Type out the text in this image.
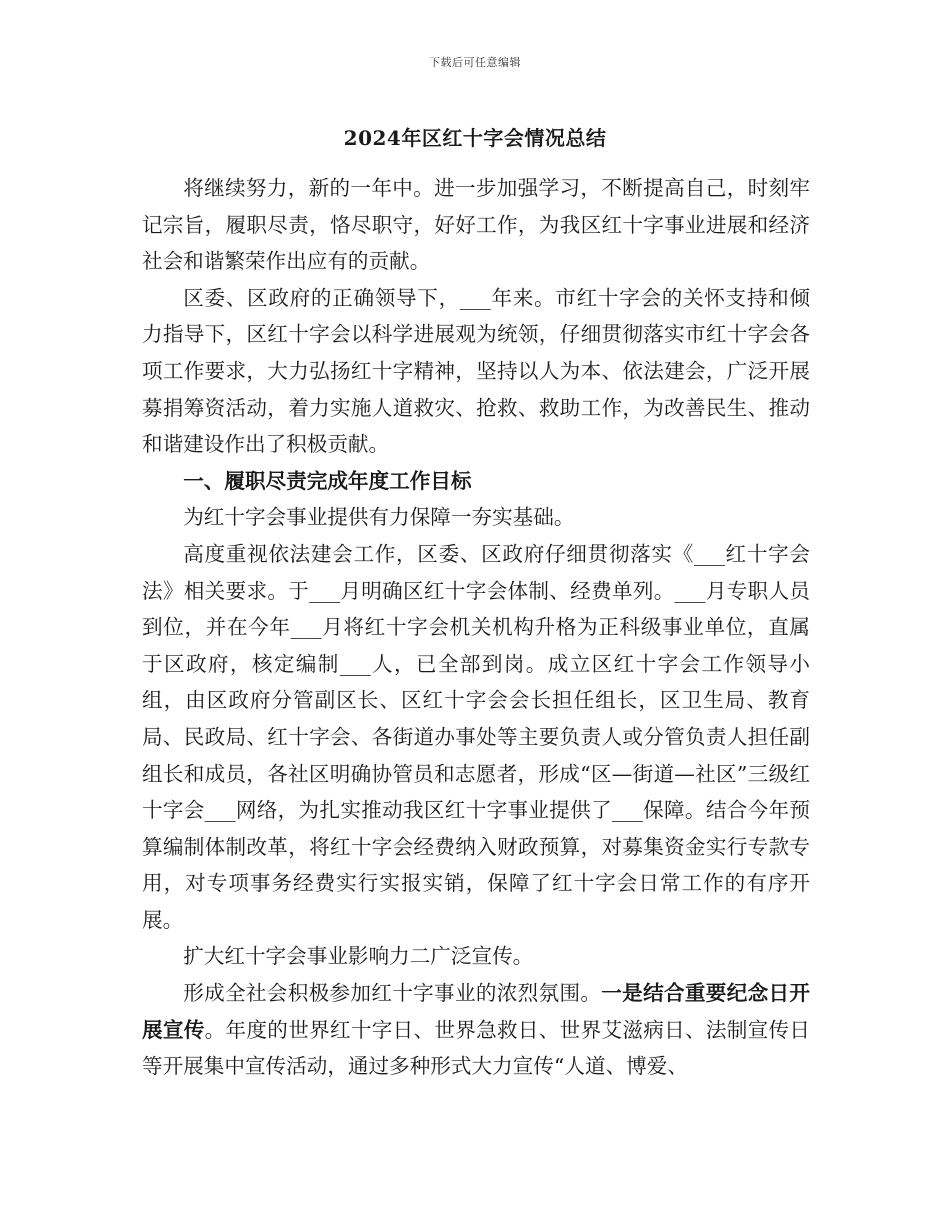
下载后可任意编辑
2024年区红十字会情况总结

将继续努力，新的一年中。进一步加强学习，不断提高自己，时刻牢记宗旨，履职尽责，恪尽职守，好好工作，为我区红十字事业进展和经济社会和谐繁荣作出应有的贡献。

区委、区政府的正确领导下，___年来。市红十字会的关怀支持和倾力指导下，区红十字会以科学进展观为统领，仔细贯彻落实市红十字会各项工作要求，大力弘扬红十字精神，坚持以人为本、依法建会，广泛开展募捐筹资活动，着力实施人道救灾、抢救、救助工作，为改善民生、推动和谐建设作出了积极贡献。

一、履职尽责完成年度工作目标

为红十字会事业提供有力保障一夯实基础。

高度重视依法建会工作，区委、区政府仔细贯彻落实《___红十字会法》相关要求。于___月明确区红十字会体制、经费单列。___月专职人员到位，并在今年___月将红十字会机关机构升格为正科级事业单位，直属于区政府，核定编制___人，已全部到岗。成立区红十字会工作领导小组，由区政府分管副区长、区红十字会会长担任组长，区卫生局、教育局、民政局、红十字会、各街道办事处等主要负责人或分管负责人担任副组长和成员，各社区明确协管员和志愿者，形成“区—街道—社区”三级红十字会___网络，为扎实推动我区红十字事业提供了___保障。结合今年预算编制体制改革，将红十字会经费纳入财政预算，对募集资金实行专款专用，对专项事务经费实行实报实销，保障了红十字会日常工作的有序开展。

扩大红十字会事业影响力二广泛宣传。

形成全社会积极参加红十字事业的浓烈氛围。一是结合重要纪念日开展宣传。年度的世界红十字日、世界急救日、世界艾滋病日、法制宣传日等开展集中宣传活动，通过多种形式大力宣传“人道、博爱、
